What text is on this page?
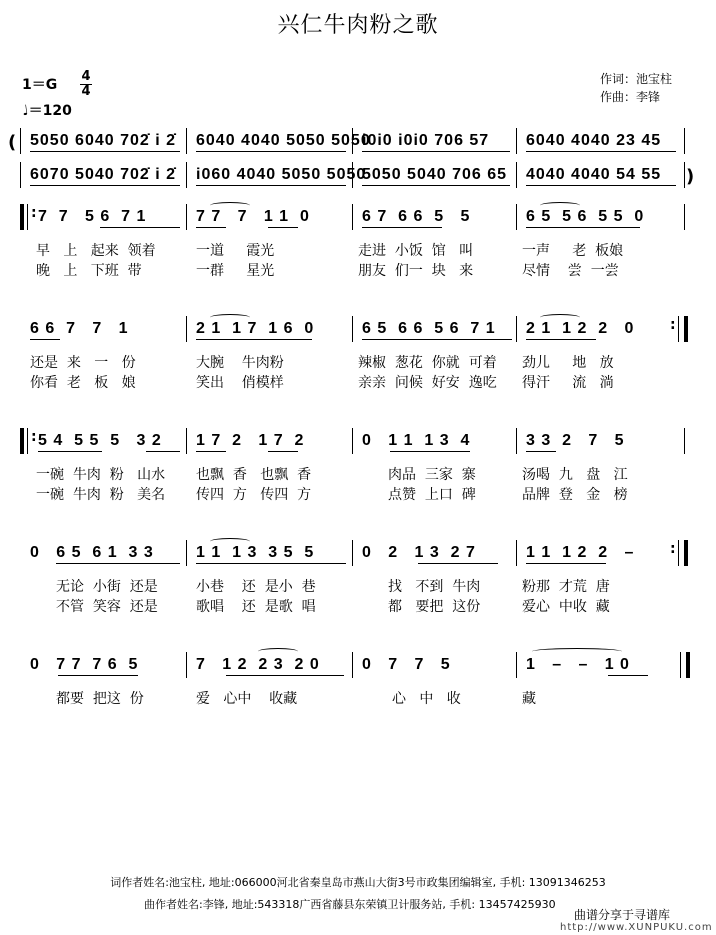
兴仁牛肉粉之歌
1＝G
4
4
♩＝120
作词：池宝柱
作曲：李锋
( 5050 6040 702̇ i 2̇ 6040 4040 5050 5050
i0i0 i0i0 706 57 6040 4040 23 45
6070 5040 702̇ i 2̇ i060 4040 5050 5050
5050 5040 706 65 4040 4040 54 55 )
: 7  7   5 6  7 1	7 7   7   1 1  0	6 7  6 6  5   5	6 5  5 6  5 5  0
早   上   起来  领着	一道     霞光	走进  小饭  馆   叫	一声     老  板娘
晚   上   下班  带	一群     星光	朋友  们一  块   来	尽情    尝  一尝
6 6  7   7   1	2 1  1 7  1 6  0	6 5  6 6  5 6  7 1 2 1  1 2  2   0	:
还是  来   一   份	大腕    牛肉粉	辣椒  葱花  你就  可着 劲儿     地   放
你看  老   板   娘	笑出    俏模样	亲亲  问候  好安  逸吃 得汗     流   淌
: 5 4  5 5  5   3 2 1 7  2   1 7  2	0   1 1  1 3  4	3 3  2   7   5
一碗  牛肉  粉   山水 也飘  香   也飘  香	肉品  三家  寨	汤喝  九   盘   江
一碗  牛肉  粉   美名 传四  方   传四  方	点赞  上口  碑	品牌  登   金   榜
0   6 5  6 1  3 3	1 1  1 3  3 5  5	0   2   1 3  2 7	1 1  1 2  2   –	:
无论  小街  还是	小巷    还  是小  巷	找   不到  牛肉	粉那  才荒  唐
不管  笑容  还是	歌唱    还  是歌  唱	都   要把  这份	爱心  中收  藏
0   7 7  7 6  5	7   1 2  2 3  2 0	0   7   7   5	1   –   –   1 0
都要  把这  份	爱   心中    收藏	心   中   收	藏
词作者姓名:池宝柱, 地址:066000河北省秦皇岛市燕山大街3号市政集团编辑室, 手机: 13091346253
曲作者姓名:李锋, 地址:543318广西省藤县东荣镇卫计服务站, 手机: 13457425930
曲谱分享于寻谱库
http://www.XUNPUKU.com
